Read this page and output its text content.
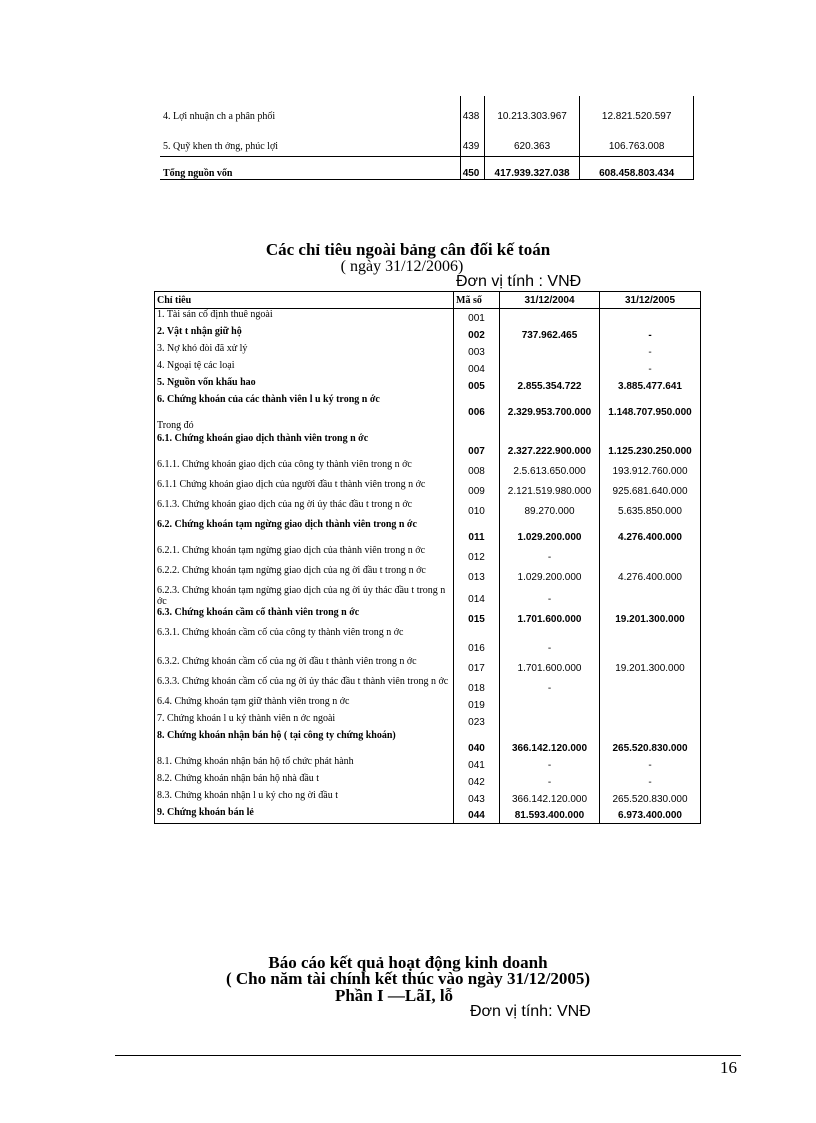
4. Lợi nhuận ch a phân phối	438	10.213.303.967	12.821.520.597
5. Quỹ khen th ởng, phúc lợi	439	620.363	106.763.008
Tổng nguồn vốn	450	417.939.327.038	608.458.803.434
Các chỉ tiêu ngoài bảng cân đối kế toán
( ngày 31/12/2006)
Đơn vị tính : VNĐ
Chỉ tiêu	Mã số	31/12/2004	31/12/2005
1. Tài sản cố định thuê ngoài	001		
2. Vật t nhận giữ hộ	002	737.962.465	-
3. Nợ khó đòi đã xử lý	003		-
4. Ngoại tệ các loại	004		-
5. Nguồn vốn khấu hao	005	2.855.354.722	3.885.477.641
6. Chứng khoán của các thành viên l u ký trong n ớc	006	2.329.953.700.000	1.148.707.950.000
Trong đó			
6.1. Chứng khoán giao dịch thành viên trong n ớc	007	2.327.222.900.000	1.125.230.250.000
6.1.1. Chứng khoán giao dịch của công ty thành viên trong n ớc	008	2.5.613.650.000	193.912.760.000
6.1.1 Chứng khoán giao dịch của người đầu t thành viên trong n ớc	009	2.121.519.980.000	925.681.640.000
6.1.3. Chứng khoán giao dịch của ng ời ủy thác đầu t trong n ớc	010	89.270.000	5.635.850.000
6.2. Chứng khoán tạm ngừng giao dịch thành viên trong n ớc	011	1.029.200.000	4.276.400.000
6.2.1. Chứng khoán tạm ngừng giao dịch của thành viên trong n ớc	012	-	
6.2.2. Chứng khoán tạm ngừng giao dịch của ng ời đầu t trong n ớc	013	1.029.200.000	4.276.400.000
6.2.3. Chứng khoán tạm ngừng giao dịch của ng ời ủy thác đầu t trong n ớc	014	-	
6.3. Chứng khoán cầm cố thành viên trong n ớc	015	1.701.600.000	19.201.300.000
6.3.1. Chứng khoán cầm cố của công ty thành viên trong n ớc	016	-	
6.3.2. Chứng khoán cầm cố của ng ời đầu t thành viên trong n ớc	017	1.701.600.000	19.201.300.000
6.3.3. Chứng khoán cầm cố của ng ời ủy thác đầu t thành viên trong n ớc	018	-	
6.4. Chứng khoán tạm giữ thành viên trong n ớc	019		
7. Chứng khoán l u ký thành viên n ớc ngoài	023		
8. Chứng khoán nhận bán hộ ( tại công ty chứng khoán)	040	366.142.120.000	265.520.830.000
8.1. Chứng khoán nhận bán hộ tổ chức phát hành	041	-	-
8.2. Chứng khoán nhận bán hộ nhà đầu t	042	-	-
8.3. Chứng khoán nhận l u ký cho ng ời đầu t	043	366.142.120.000	265.520.830.000
9. Chứng khoán bán lẻ	044	81.593.400.000	6.973.400.000
Báo cáo kết quả hoạt động kinh doanh
( Cho năm tài chính kết thúc vào ngày 31/12/2005)
Phần I —LãI, lỗ
Đơn vị tính: VNĐ
16
